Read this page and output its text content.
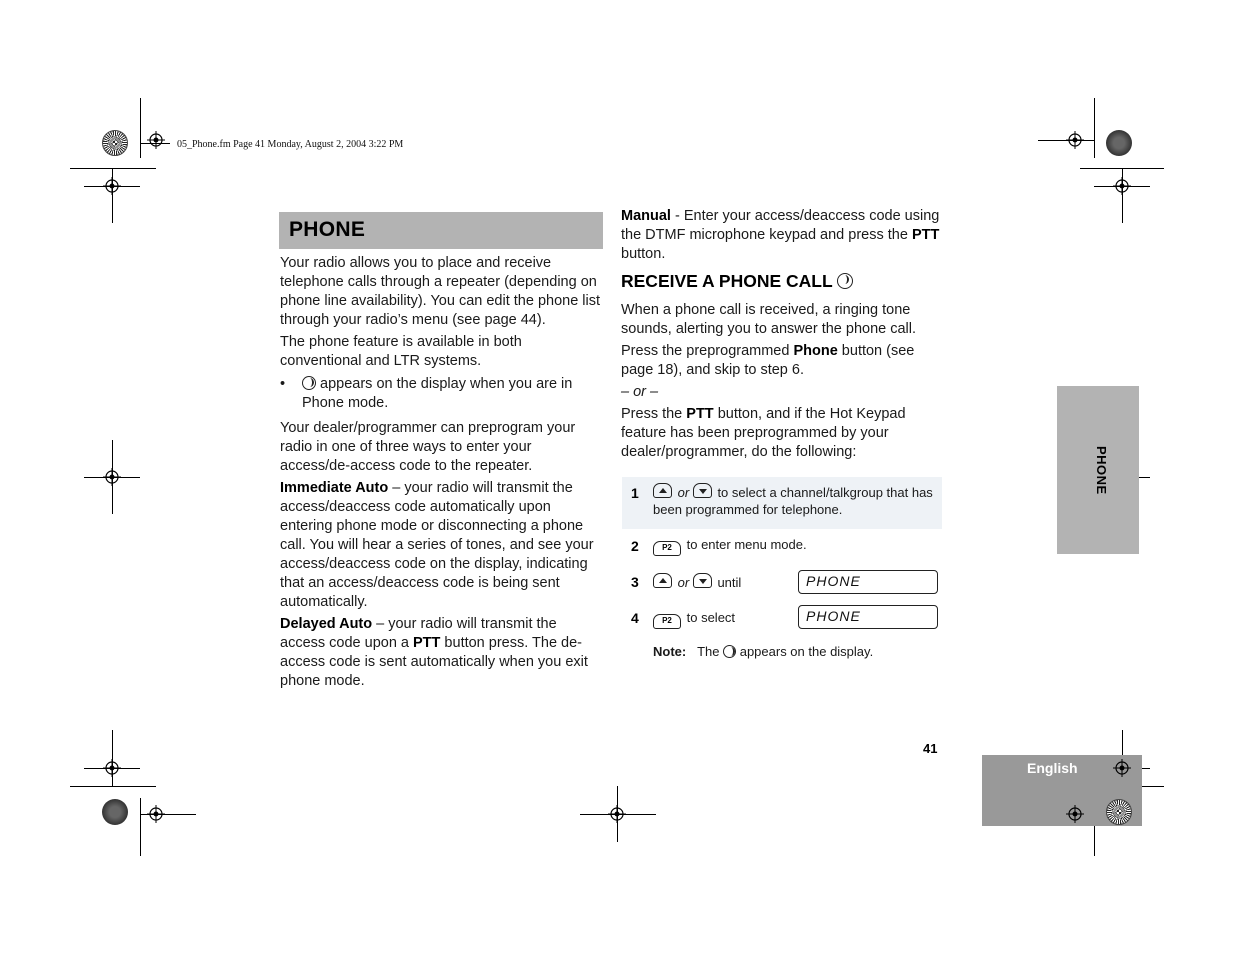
05_Phone.fm Page 41 Monday, August 2, 2004 3:22 PM
PHONE

Your radio allows you to place and receive telephone calls through a repeater (depending on phone line availability). You can edit the phone list through your radio’s menu (see page 44).

The phone feature is available in both conventional and LTR systems.

•	appears on the display when you are in Phone mode.

Your dealer/programmer can preprogram your radio in one of three ways to enter your access/de-access code to the repeater.

Immediate Auto – your radio will transmit the access/deaccess code automatically upon entering phone mode or disconnecting a phone call. You will hear a series of tones, and see your access/deaccess code on the display, indicating that an access/deaccess code is being sent automatically.

Delayed Auto – your radio will transmit the access code upon a PTT button press. The de-access code is sent automatically when you exit phone mode.

Manual - Enter your access/deaccess code using the DTMF microphone keypad and press the PTT button.

RECEIVE A PHONE CALL

When a phone call is received, a ringing tone sounds, alerting you to answer the phone call.

Press the preprogrammed Phone button (see page 18), and skip to step 6.

– or –

Press the PTT button, and if the Hot Keypad feature has been preprogrammed by your dealer/programmer, do the following:

1	or to select a channel/talkgroup that has been programmed for telephone.
2	P2 to enter menu mode.
3	or until	PHONE
4	P2 to select	PHONE
Note: The appears on the display.
PHONE
41
English
